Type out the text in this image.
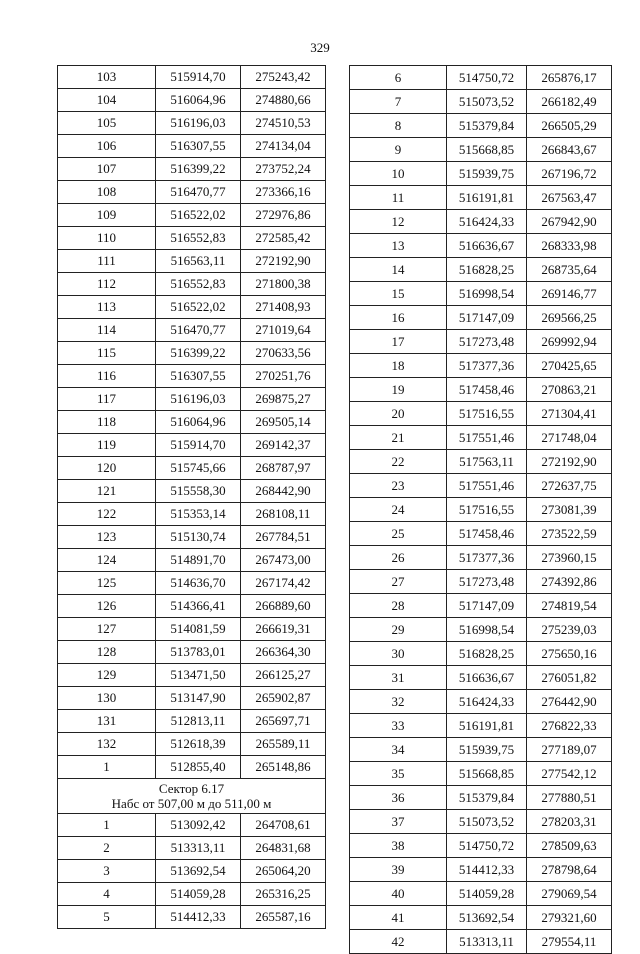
329
103	515914,70	275243,42
104	516064,96	274880,66
105	516196,03	274510,53
106	516307,55	274134,04
107	516399,22	273752,24
108	516470,77	273366,16
109	516522,02	272976,86
110	516552,83	272585,42
111	516563,11	272192,90
112	516552,83	271800,38
113	516522,02	271408,93
114	516470,77	271019,64
115	516399,22	270633,56
116	516307,55	270251,76
117	516196,03	269875,27
118	516064,96	269505,14
119	515914,70	269142,37
120	515745,66	268787,97
121	515558,30	268442,90
122	515353,14	268108,11
123	515130,74	267784,51
124	514891,70	267473,00
125	514636,70	267174,42
126	514366,41	266889,60
127	514081,59	266619,31
128	513783,01	266364,30
129	513471,50	266125,27
130	513147,90	265902,87
131	512813,11	265697,71
132	512618,39	265589,11
1	512855,40	265148,86

Сектор 6.17
Набс от 507,00 м до 511,00 м		

1	513092,42	264708,61
2	513313,11	264831,68
3	513692,54	265064,20
4	514059,28	265316,25
5	514412,33	265587,16
6	514750,72	265876,17
7	515073,52	266182,49
8	515379,84	266505,29
9	515668,85	266843,67
10	515939,75	267196,72
11	516191,81	267563,47
12	516424,33	267942,90
13	516636,67	268333,98
14	516828,25	268735,64
15	516998,54	269146,77
16	517147,09	269566,25
17	517273,48	269992,94
18	517377,36	270425,65
19	517458,46	270863,21
20	517516,55	271304,41
21	517551,46	271748,04
22	517563,11	272192,90
23	517551,46	272637,75
24	517516,55	273081,39
25	517458,46	273522,59
26	517377,36	273960,15
27	517273,48	274392,86
28	517147,09	274819,54
29	516998,54	275239,03
30	516828,25	275650,16
31	516636,67	276051,82
32	516424,33	276442,90
33	516191,81	276822,33
34	515939,75	277189,07
35	515668,85	277542,12
36	515379,84	277880,51
37	515073,52	278203,31
38	514750,72	278509,63
39	514412,33	278798,64
40	514059,28	279069,54
41	513692,54	279321,60
42	513313,11	279554,11
